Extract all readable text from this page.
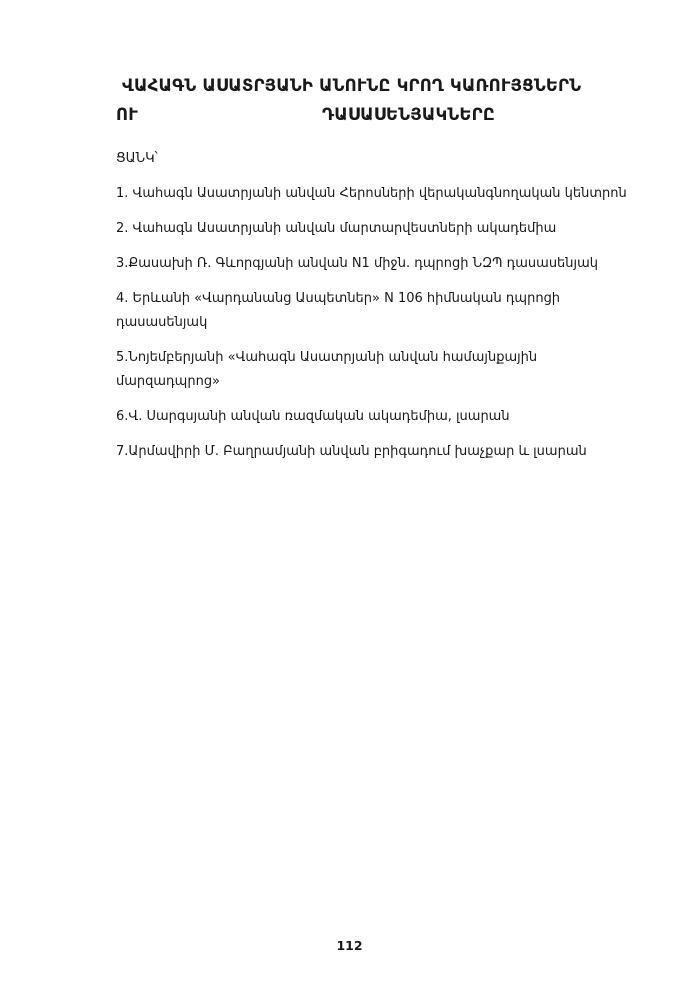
ՎԱՀԱԳՆ ԱՍԱՏՐՅԱՆԻ ԱՆՈՒՆԸ ԿՐՈՂ ԿԱՌՈՒՅՑՆԵՐՆ
ՈՒ	ԴԱՍԱՍԵՆՅԱԿՆԵՐԸ
ՑԱՆԿ՝
1. Վահագն Ասատրյանի անվան Հերոսների վերականգնողական կենտրոն
2. Վահագն Ասատրյանի անվան մարտարվեստների ակադեմիա
3.Քասախի Ռ. Գևորգյանի անվան N1 միջն. դպրոցի ՆԶՊ դասասենյակ
4. Երևանի «Վարդանանց Ասպետներ» N 106 հիմնական դպրոցի դասասենյակ
5.Նոյեմբերյանի «Վահագն Ասատրյանի անվան համայնքային մարզադպրոց»
6.Վ. Սարգսյանի անվան ռազմական ակադեմիա, լսարան
7.Արմավիրի Մ. Բաղրամյանի անվան բրիգադում խաչքար և լսարան
112
